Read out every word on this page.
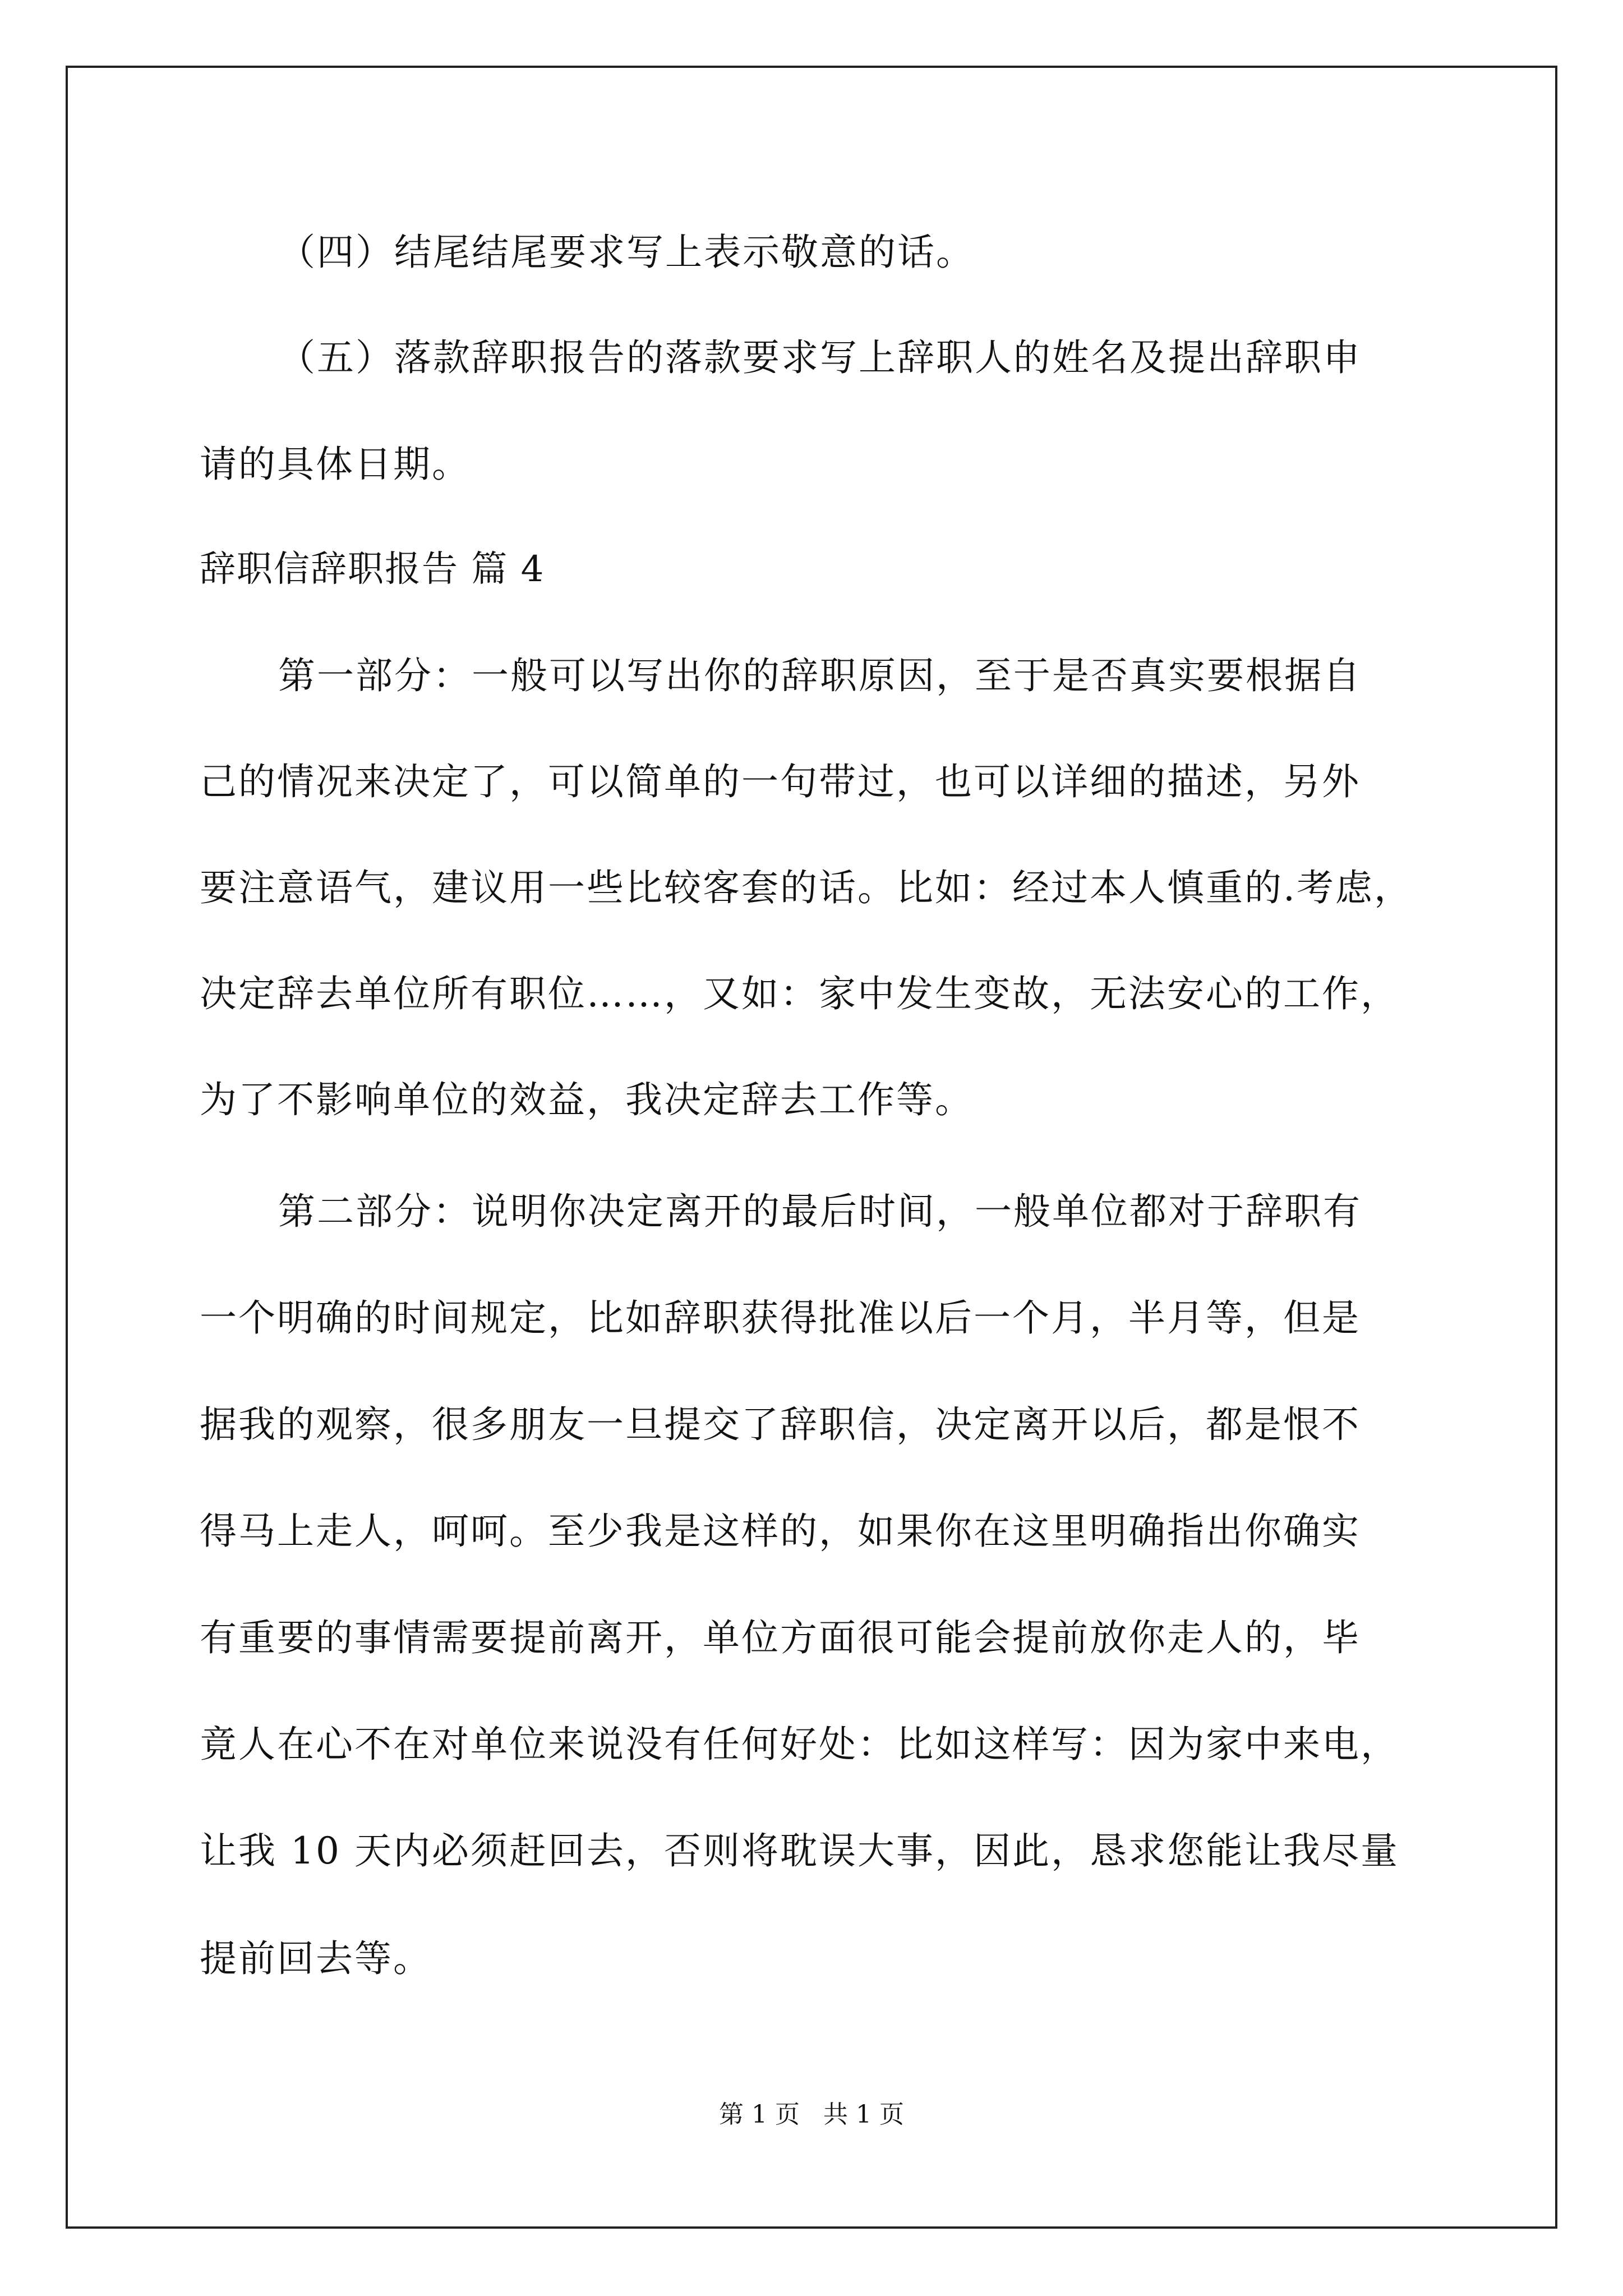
（四）结尾结尾要求写上表示敬意的话。
（五）落款辞职报告的落款要求写上辞职人的姓名及提出辞职申
请的具体日期。
辞职信辞职报告 篇 4
第一部分：一般可以写出你的辞职原因，至于是否真实要根据自
己的情况来决定了，可以简单的一句带过，也可以详细的描述，另外
要注意语气，建议用一些比较客套的话。比如：经过本人慎重的.考虑，
决定辞去单位所有职位……，又如：家中发生变故，无法安心的工作，
为了不影响单位的效益，我决定辞去工作等。
第二部分：说明你决定离开的最后时间，一般单位都对于辞职有
一个明确的时间规定，比如辞职获得批准以后一个月，半月等，但是
据我的观察，很多朋友一旦提交了辞职信，决定离开以后，都是恨不
得马上走人，呵呵。至少我是这样的，如果你在这里明确指出你确实
有重要的事情需要提前离开，单位方面很可能会提前放你走人的，毕
竟人在心不在对单位来说没有任何好处：比如这样写：因为家中来电，
让我 10 天内必须赶回去，否则将耽误大事，因此，恳求您能让我尽量
提前回去等。
第 1 页 共 1 页
